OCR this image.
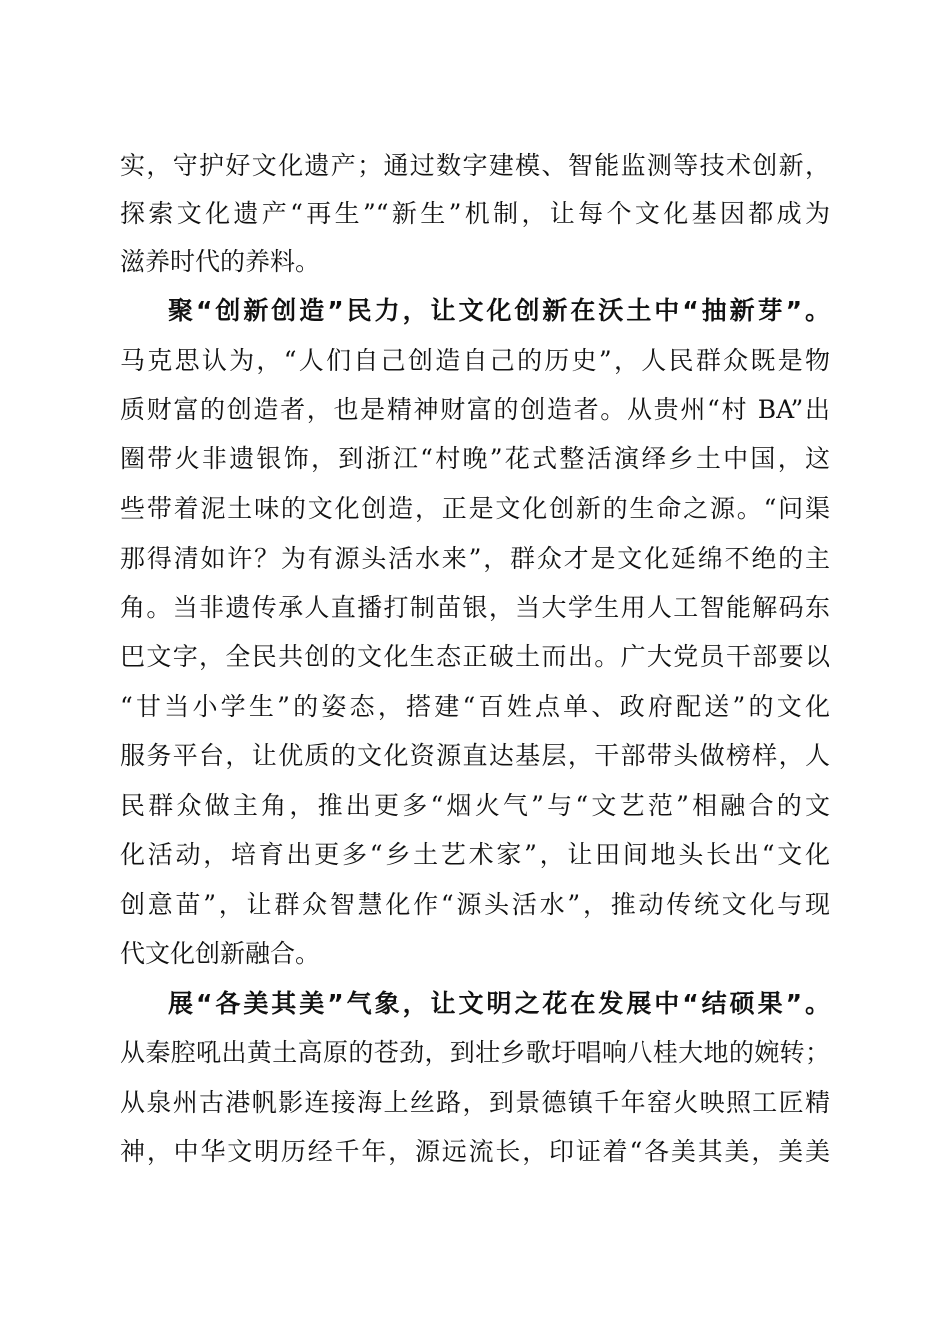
实，守护好文化遗产；通过数字建模、智能监测等技术创新，
探索文化遗产“再生”“新生”机制，让每个文化基因都成为
滋养时代的养料。
聚“创新创造”民力，让文化创新在沃土中“抽新芽”。
马克思认为，“人们自己创造自己的历史”，人民群众既是物
质财富的创造者，也是精神财富的创造者。从贵州“村 BA”出
圈带火非遗银饰，到浙江“村晚”花式整活演绎乡土中国，这
些带着泥土味的文化创造，正是文化创新的生命之源。“问渠
那得清如许？为有源头活水来”，群众才是文化延绵不绝的主
角。当非遗传承人直播打制苗银，当大学生用人工智能解码东
巴文字，全民共创的文化生态正破土而出。广大党员干部要以
“甘当小学生”的姿态，搭建“百姓点单、政府配送”的文化
服务平台，让优质的文化资源直达基层，干部带头做榜样，人
民群众做主角，推出更多“烟火气”与“文艺范”相融合的文
化活动，培育出更多“乡土艺术家”，让田间地头长出“文化
创意苗”，让群众智慧化作“源头活水”，推动传统文化与现
代文化创新融合。
展“各美其美”气象，让文明之花在发展中“结硕果”。
从秦腔吼出黄土高原的苍劲，到壮乡歌圩唱响八桂大地的婉转；
从泉州古港帆影连接海上丝路，到景德镇千年窑火映照工匠精
神，中华文明历经千年，源远流长，印证着“各美其美，美美
